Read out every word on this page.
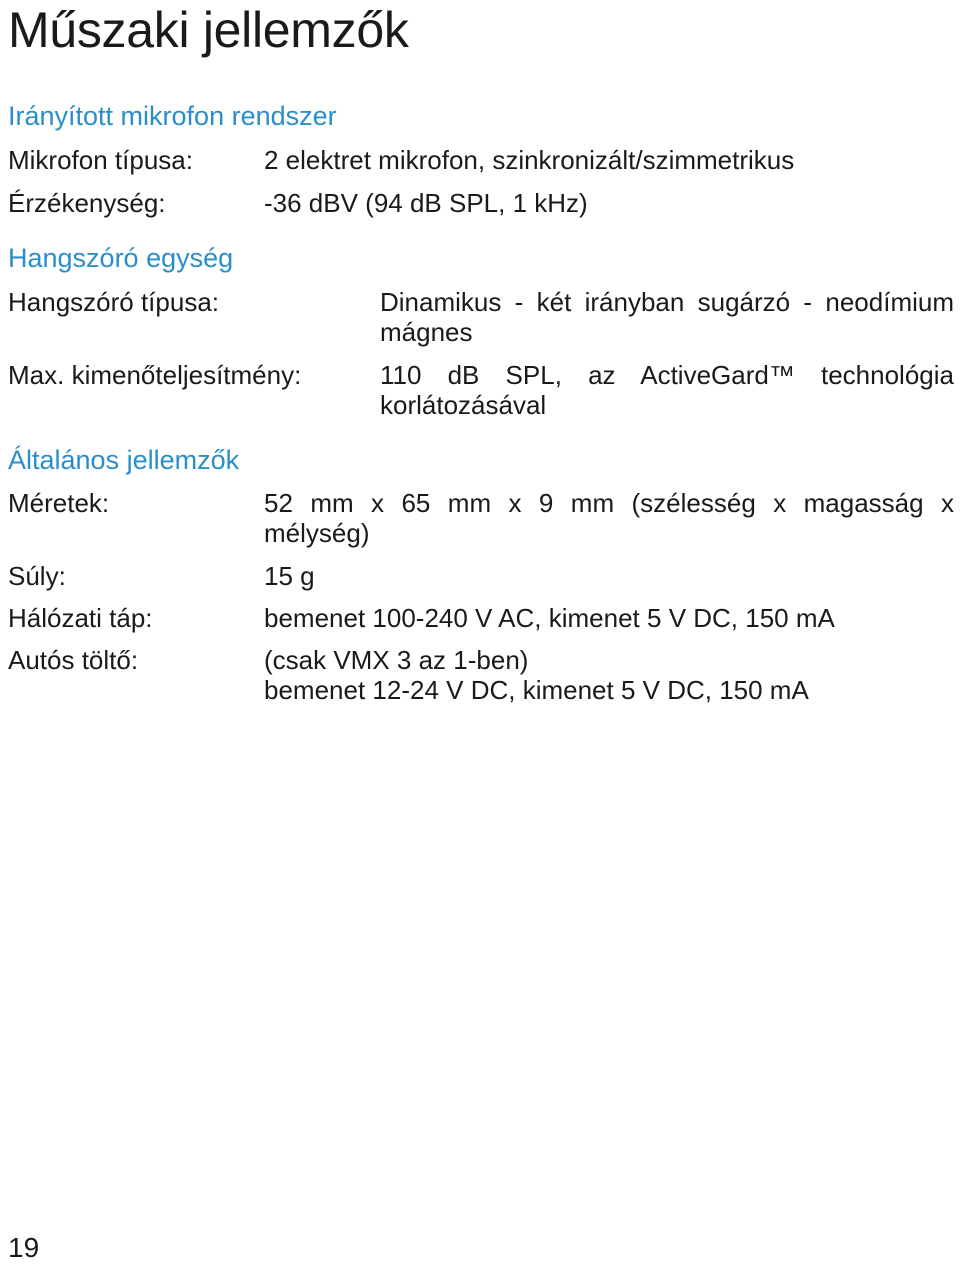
Műszaki jellemzők
Irányított mikrofon rendszer
Mikrofon típusa:	2 elektret mikrofon, szinkronizált/szimmetrikus
Érzékenység:	-36 dBV (94 dB SPL, 1 kHz)
Hangszóró egység
Hangszóró típusa:	Dinamikus - két irányban sugárzó - neodímium mágnes
Max. kimenőteljesítmény:	110 dB SPL, az ActiveGard™ technológia korlátozásával
Általános jellemzők
Méretek:	52 mm x 65 mm x 9 mm (szélesség x magasság x mélység)
Súly:	15 g
Hálózati táp:	bemenet 100-240 V AC, kimenet 5 V DC, 150 mA
Autós töltő:	(csak VMX 3 az 1-ben)
bemenet 12-24 V DC, kimenet 5 V DC, 150 mA
19
